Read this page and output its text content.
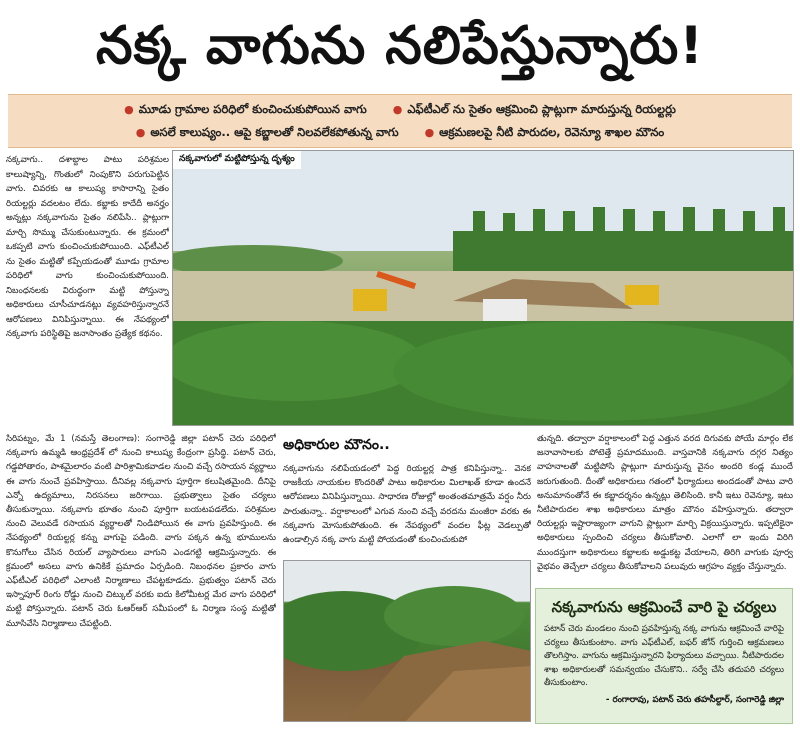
నక్క వాగును నలిపేస్తున్నారు!
● మూడు గ్రామాల పరిధిలో కుంచించుకుపోయిన వాగు ● ఎఫ్‌టీఎల్ ను సైతం ఆక్రమించి ప్లాట్లుగా మారుస్తున్న రియల్టర్లు
● అసలే కాలుష్యం.. ఆపై కబ్జాలతో నిలవలేకపోతున్న వాగు ● ఆక్రమణలపై నీటి పారుదల, రెవెన్యూ శాఖల మౌనం
నక్కవాగు.. దశాబ్దాల పాటు పరిశ్రమల కాలుష్యాన్ని, గొంతులో నింపుకొని పరుగుపెట్టిన వాగు. చివరకు ఆ కాలుష్య కాసారాన్ని సైతం రియల్టర్లు వదలటం లేదు. కబ్జాకు కాదేదీ అనర్హం అన్నట్లు నక్కవాగును సైతం నలిపేసి.. ప్లాట్లుగా మార్చి సొమ్ము చేసుకుంటున్నారు. ఈ క్రమంలో ఒకప్పటి వాగు కుంచించుకుపోయింది. ఎఫ్‌టీఎల్ ను సైతం మట్టితో కప్పేయడంతో మూడు గ్రామాల పరిధిలో వాగు కుంచించుకుపోయింది. నిబంధనలకు విరుద్ధంగా మట్టి పోస్తున్నా అధికారులు చూసీచూడనట్లు వ్యవహరిస్తున్నారనే ఆరోపణలు వినిపిస్తున్నాయి. ఈ నేపథ్యంలో నక్కవాగు పరిస్థితిపై జనాసాంతం ప్రత్యేక కథనం.
నక్కవాగులో మట్టిపోస్తున్న దృశ్యం
సిరిపట్నం, మే 1 (నమస్తే తెలంగాణ): సంగారెడ్డి జిల్లా పటాన్ చెరు పరిధిలో నక్కవాగు ఉమ్మడి ఆంధ్రప్రదేశ్ లో నుంచి కాలుష్య కేంద్రంగా ప్రసిద్ధి. పటాన్ చెరు, గడ్డపోతారం, పాశమైలారం వంటి పారిశ్రామికవాడల నుంచి వచ్చే రసాయన వ్యర్థాలు ఈ వాగు నుంచే ప్రవహిస్తాయి. దీనివల్ల నక్కవాగు పూర్తిగా కలుషితమైంది. దీనిపై ఎన్నో ఉద్యమాలు, నిరసనలు జరిగాయి. ప్రభుత్వాలు సైతం చర్యలు తీసుకున్నాయి. నక్కవాగు భూతం నుంచి పూర్తిగా బయటపడలేదు. పరిశ్రమల నుంచి వెలువడే రసాయన వ్యర్థాలతో నిండిపోయిన ఈ వాగు ప్రవహిస్తుంది. ఈ నేపథ్యంలో రియల్టర్ల కన్ను వాగుపై పడింది. వాగు పక్కన ఉన్న భూములను కొనుగోలు చేసిన రియల్ వ్యాపారులు వాగుని ఎండగట్టి ఆక్రమిస్తున్నారు. ఈ క్రమంలో అసలు వాగు ఉనికికే ప్రమాదం ఏర్పడింది. నిబంధనల ప్రకారం వాగు ఎఫ్‌టీఎల్ పరిధిలో ఎలాంటి నిర్మాణాలు చేపట్టకూడదు. ప్రభుత్వం పటాన్ చెరు ఇస్నాపూర్ రింగు రోడ్డు నుంచి చిట్కుల్ వరకు ఐదు కిలోమీటర్ల మేర వాగు పరిధిలో మట్టి పోస్తున్నారు. పటాన్ చెరు ఓఆర్ఆర్ సమీపంలో ఓ నిర్మాణ సంస్థ మట్టితో మూసివేసి నిర్మాణాలు చేపట్టింది.
అధికారుల మౌనం..
నక్కవాగును నలిపేయడంలో పెద్ద రియల్టర్ల పాత్ర కనిపిస్తున్నా.. వెనక రాజకీయ నాయకుల కొందరితో పాటు అధికారుల మిలాఖత్ కూడా ఉందనే ఆరోపణలు వినిపిస్తున్నాయి. సాధారణ రోజుల్లో అంతంతమాత్రమే వర్షం నీరు పారుతున్నా.. వర్షాకాలంలో ఎగువ నుంచి వచ్చే వరదను మంజీరా వరకు ఈ నక్కవాగు మోసుకుపోతుంది. ఈ నేపథ్యంలో వందల ఫీట్ల వెడల్పుతో ఉండాల్సిన నక్క వాగు మట్టి పోయడంతో కుంచించుకుపో
తున్నది. తద్వారా వర్షాకాలంలో పెద్ద ఎత్తున వరద దిగువకు పోయే మార్గం లేక జనావాసాలకు పోటెత్తే ప్రమాదముంది. వాస్తవానికి నక్కవాగు దగ్గర నిత్యం వాహనాలతో మట్టిపోసి ప్లాట్లుగా మారుస్తున్న వైనం అందరి కండ్ల ముందే జరుగుతుంది. దీంతో అధికారులు గతంలో ఫిర్యాదులు అందడంతో పాటు వారి అనుమానంతోనే ఈ కబ్జాదర్శనం ఉన్నట్లు తెలిసింది. కానీ ఇటు రెవెన్యూ, ఇటు నీటిపారుదల శాఖ అధికారులు మాత్రం మౌనం వహిస్తున్నారు. తద్వారా రియల్టర్లు ఇష్టారాజ్యంగా వాగుని ప్లాట్లుగా మార్చి విక్రయిస్తున్నారు. ఇప్పటికైనా అధికారులు స్పందించి చర్యలు తీసుకోవాలి. ఎలాగో లా ఇందు విరిగి ముందస్తుగా అధికారులు కబ్జాలకు అడ్డుకట్ట వేయాలని, తిరిగి వాగుకు పూర్వ వైభవం తెచ్చేలా చర్యలు తీసుకోవాలని పలువురు ఆగ్రహం వ్యక్తం చేస్తున్నారు.
నక్కవాగును ఆక్రమించే వారి పై చర్యలు
పటాన్ చెరు మండలం నుంచి ప్రవహిస్తున్న నక్క వాగును ఆక్రమించే వారిపై చర్యలు తీసుకుంటాం. వాగు ఎఫ్‌టీఎల్, బఫర్ జోన్ గుర్తించి ఆక్రమణలు తొలగిస్తాం. వాగును ఆక్రమిస్తున్నారని ఫిర్యాదులు వచ్చాయి. నీటిపారుదల శాఖ అధికారులతో సమన్వయం చేసుకొని.. సర్వే చేసి తదుపరి చర్యలు తీసుకుంటాం.
- రంగారావు, పటాన్ చెరు తహసీల్దార్, సంగారెడ్డి జిల్లా
